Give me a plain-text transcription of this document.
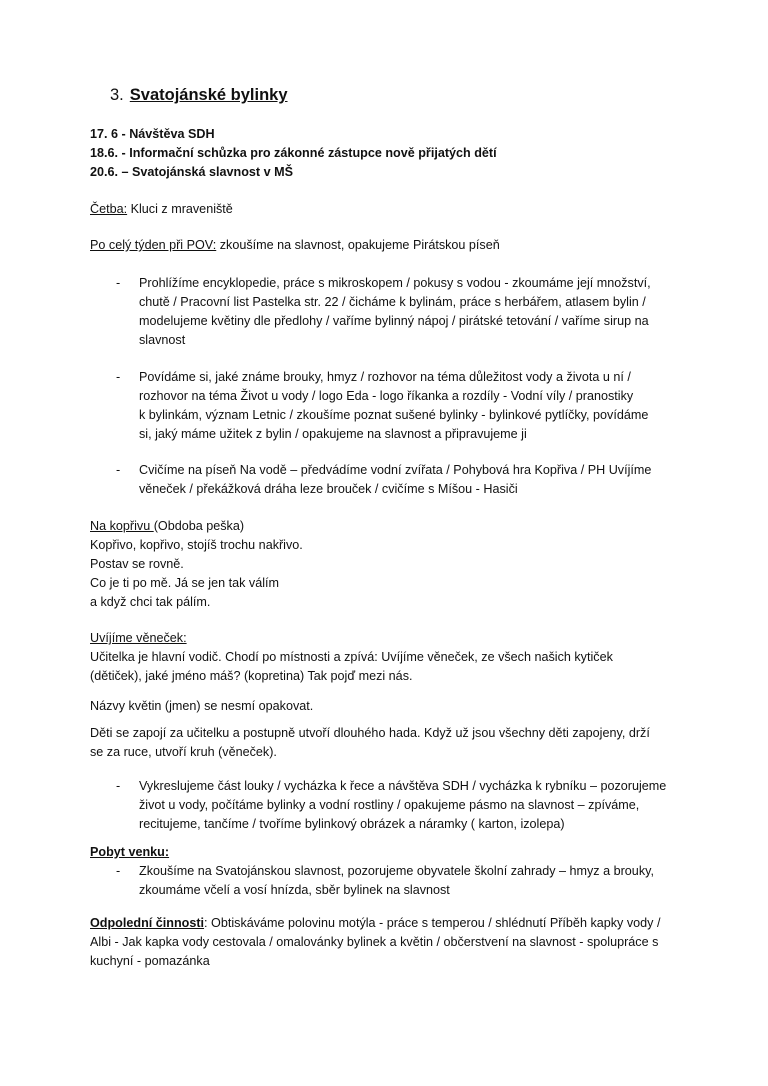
3. Svatojánské bylinky
17. 6 - Návštěva SDH
18.6. - Informační schůzka pro zákonné zástupce nově přijatých dětí
20.6. – Svatojánská slavnost v MŠ
Četba: Kluci z mraveniště
Po celý týden při POV: zkoušíme na slavnost, opakujeme Pirátskou píseň
- Prohlížíme encyklopedie, práce s mikroskopem / pokusy s vodou - zkoumáme její množství,
chutě / Pracovní list Pastelka str. 22 / čicháme k bylinám, práce s herbářem, atlasem bylin /
modelujeme květiny dle předlohy / vaříme bylinný nápoj / pirátské tetování / vaříme sirup na
slavnost
- Povídáme si, jaké známe brouky, hmyz / rozhovor na téma důležitost vody a života u ní /
rozhovor na téma Život u vody / logo Eda - logo říkanka a rozdíly - Vodní víly / pranostiky
k bylinkám, význam Letnic / zkoušíme poznat sušené bylinky - bylinkové pytlíčky, povídáme
si, jaký máme užitek z bylin / opakujeme na slavnost a připravujeme ji
- Cvičíme na píseň Na vodě – předvádíme vodní zvířata / Pohybová hra Kopřiva / PH Uvíjíme
věneček / překážková dráha leze brouček / cvičíme s Míšou - Hasiči
Na kopřivu (Obdoba peška)
Kopřivo, kopřivo, stojíš trochu nakřivo.
Postav se rovně.
Co je ti po mě. Já se jen tak válím
a když chci tak pálím.
Uvíjíme věneček:
Učitelka je hlavní vodič. Chodí po místnosti a zpívá: Uvíjíme věneček, ze všech našich kytiček
(dětiček), jaké jméno máš? (kopretina) Tak pojď mezi nás.
Názvy květin (jmen) se nesmí opakovat.
Děti se zapojí za učitelku a postupně utvoří dlouhého hada. Když už jsou všechny děti zapojeny, drží
se za ruce, utvoří kruh (věneček).
- Vykreslujeme část louky / vycházka k řece a návštěva SDH / vycházka k rybníku – pozorujeme
život u vody, počítáme bylinky a vodní rostliny / opakujeme pásmo na slavnost – zpíváme,
recitujeme, tančíme / tvoříme bylinkový obrázek a náramky ( karton, izolepa)
Pobyt venku:
- Zkoušíme na Svatojánskou slavnost, pozorujeme obyvatele školní zahrady – hmyz a brouky,
zkoumáme včelí a vosí hnízda, sběr bylinek na slavnost
Odpolední činnosti: Obtiskáváme polovinu motýla - práce s temperou / shlédnutí Příběh kapky vody /
Albi - Jak kapka vody cestovala / omalovánky bylinek a květin / občerstvení na slavnost - spolupráce s
kuchyní - pomazánka
